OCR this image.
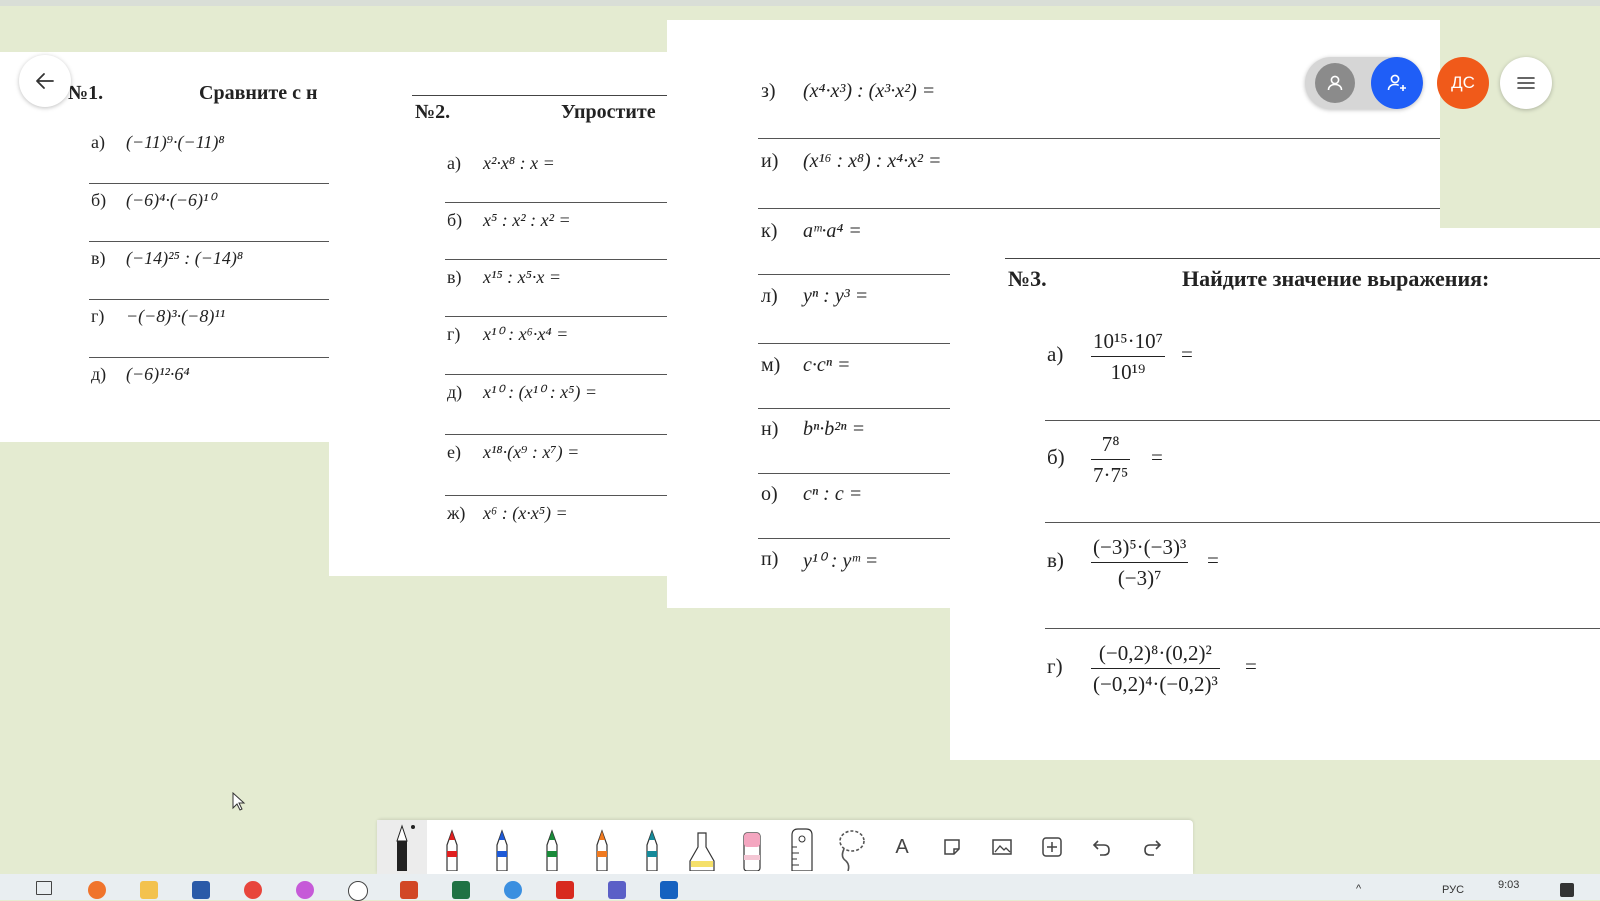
№1.	Сравните с н
а) (−11)⁹·(−11)⁸
б) (−6)⁴·(−6)¹⁰
в) (−14)²⁵ : (−14)⁸
г) −(−8)³·(−8)¹¹
д) (−6)¹²·6⁴
№2.	Упростите
а) x²·x⁸ : x =
б) x⁵ : x² : x² =
в) x¹⁵ : x⁵·x =
г) x¹⁰ : x⁶·x⁴ =
д) x¹⁰ : (x¹⁰ : x⁵) =
е) x¹⁸·(x⁹ : x⁷) =
ж) x⁶ : (x·x⁵) =
з) (x⁴·x³) : (x³·x²) =
и) (x¹⁶ : x⁸) : x⁴·x² =
к) aᵐ·a⁴ =
л) yⁿ : y³ =
м) c·cⁿ =
н) bⁿ·b²ⁿ =
о) cⁿ : c =
п) y¹⁰ : yᵐ =
№3.	Найдите значение выражения:
$а) \frac{\text{10¹⁵·10⁷}}{\text{10¹⁹}}$ =
$б) \frac{\text{7⁸}}{\text{7·7⁵}}$ =
$в) \frac{\text{(−3)⁵·(−3)³}}{\text{(−3)⁷}}$ =
$г) \frac{\text{(−0,2)⁸·(0,2)²}}{\text{(−0,2)⁴·(−0,2)³}}$ =
ДС
A
^	РУС	9:03
